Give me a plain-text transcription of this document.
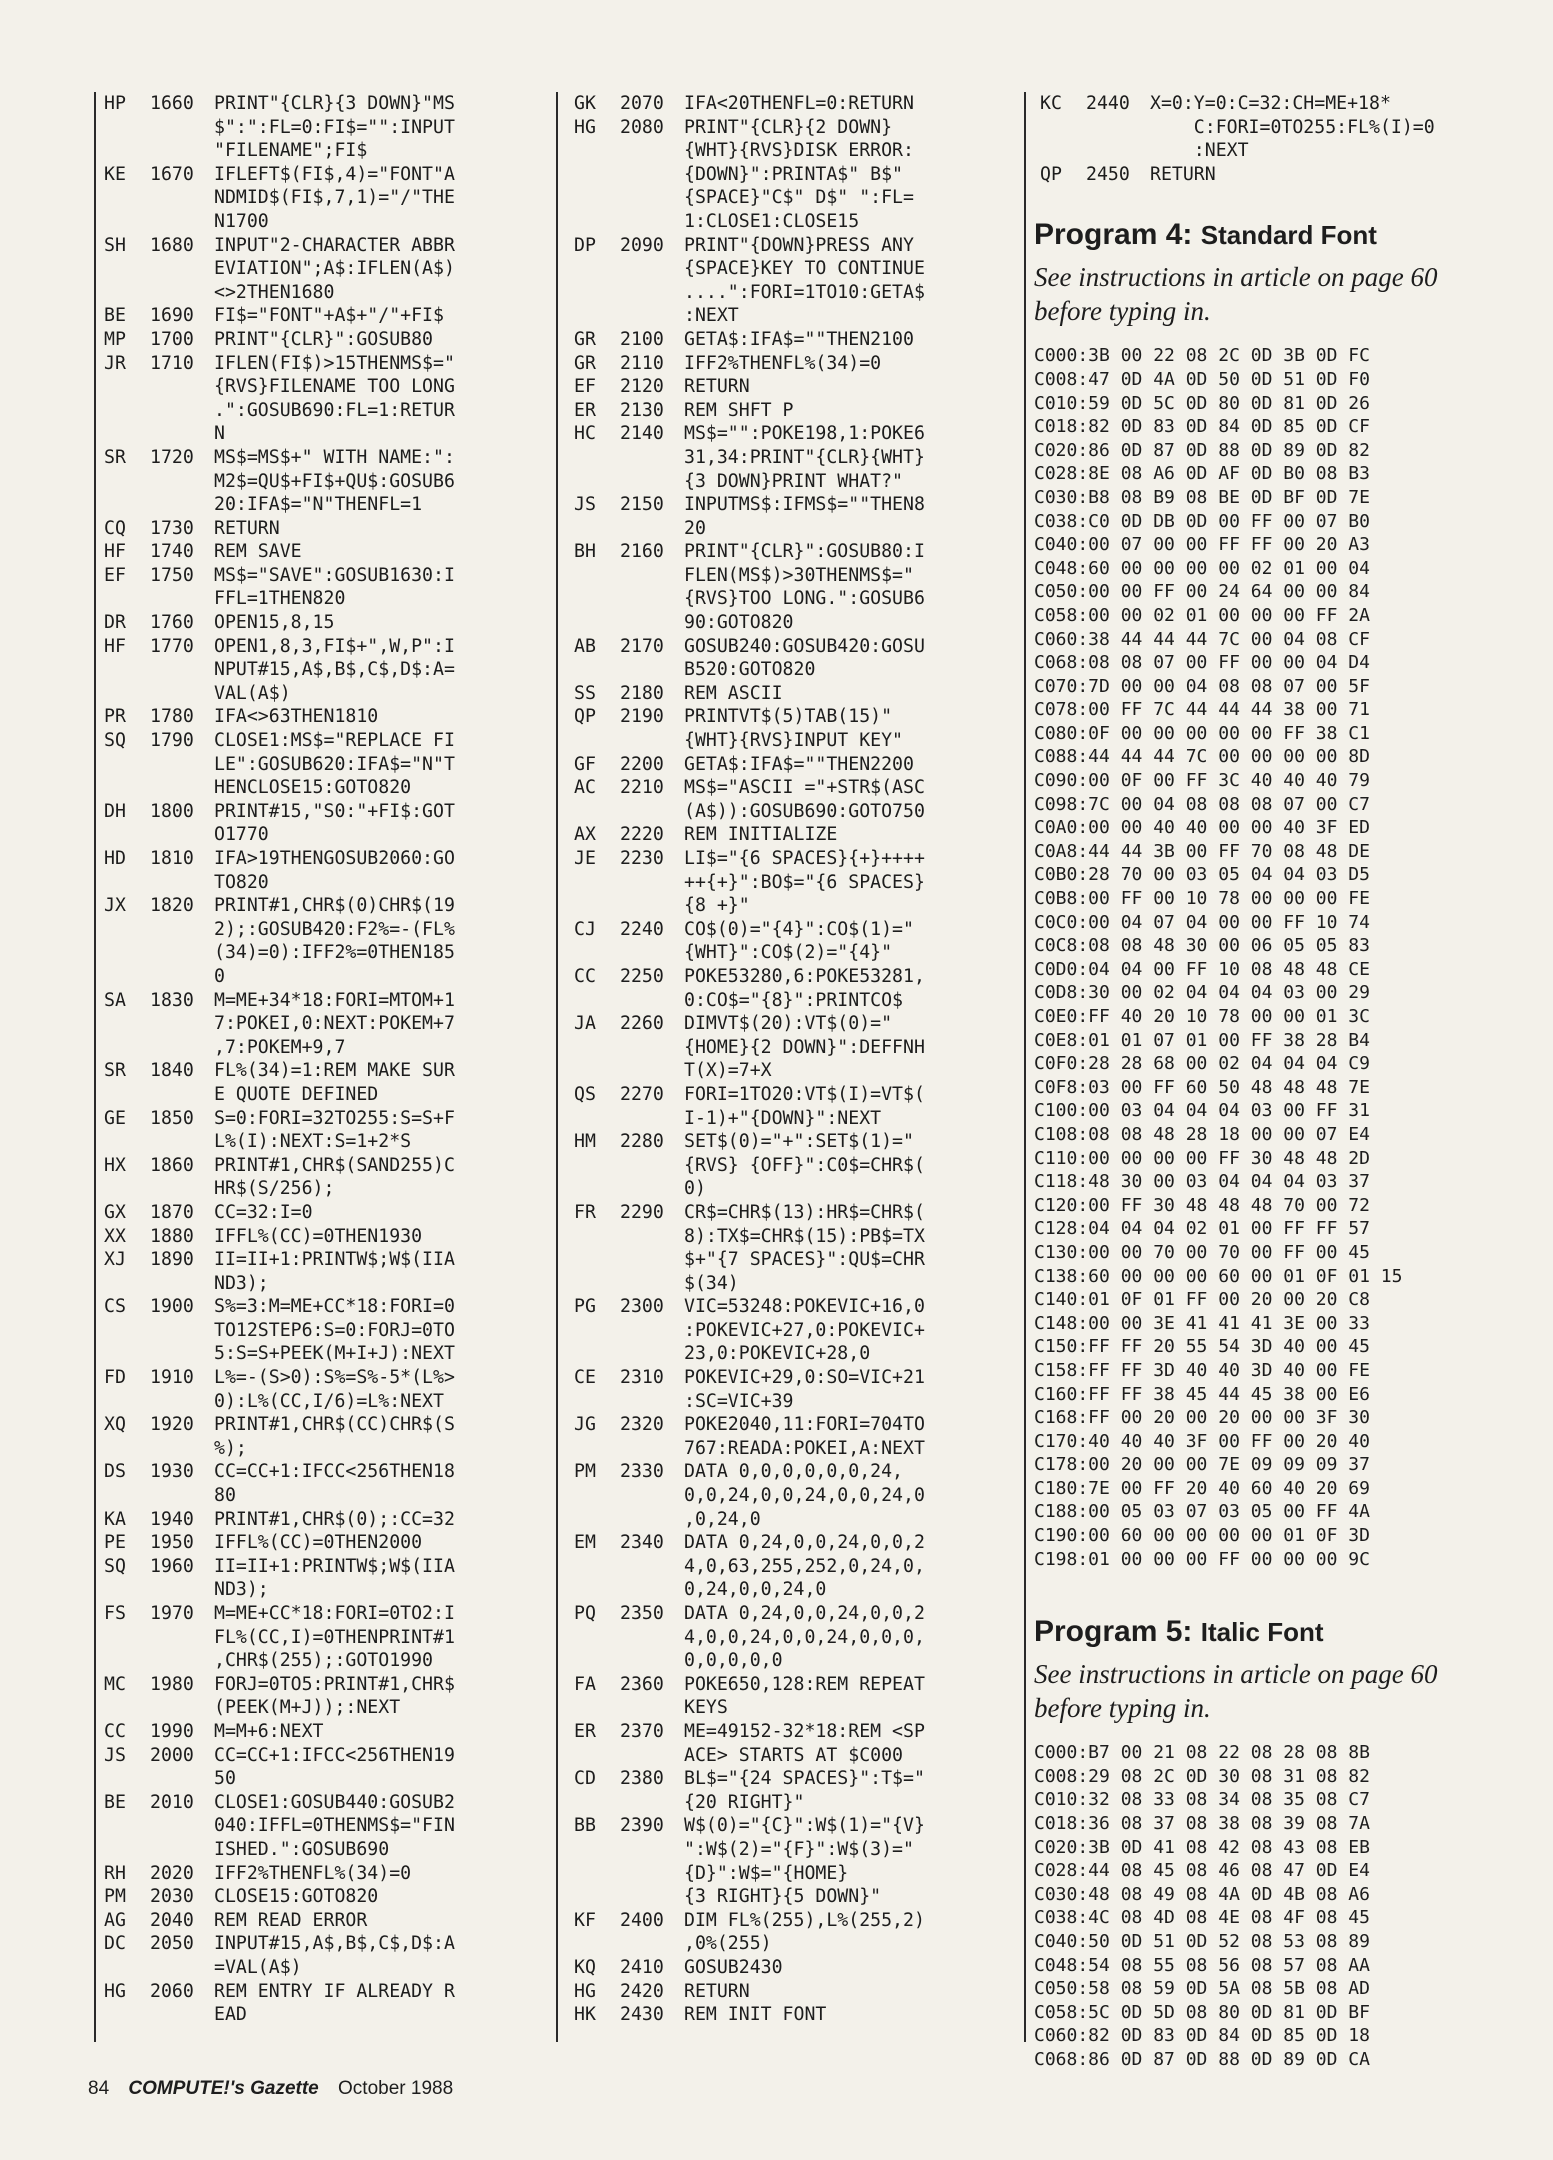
HP	1660	PRINT"{CLR}{3 DOWN}"MS
$":":FL=0:FI$="":INPUT
"FILENAME";FI$
KE	1670	IFLEFT$(FI$,4)="FONT"A
NDMID$(FI$,7,1)="/"THE
N1700
SH	1680	INPUT"2-CHARACTER ABBR
EVIATION";A$:IFLEN(A$)
<>2THEN1680
BE	1690	FI$="FONT"+A$+"/"+FI$
MP	1700	PRINT"{CLR}":GOSUB80
JR	1710	IFLEN(FI$)>15THENMS$="
{RVS}FILENAME TOO LONG
.":GOSUB690:FL=1:RETUR
N
SR	1720	MS$=MS$+" WITH NAME:":
M2$=QU$+FI$+QU$:GOSUB6
20:IFA$="N"THENFL=1
CQ	1730	RETURN
HF	1740	REM SAVE
EF	1750	MS$="SAVE":GOSUB1630:I
FFL=1THEN820
DR	1760	OPEN15,8,15
HF	1770	OPEN1,8,3,FI$+",W,P":I
NPUT#15,A$,B$,C$,D$:A=
VAL(A$)
PR	1780	IFA<>63THEN1810
SQ	1790	CLOSE1:MS$="REPLACE FI
LE":GOSUB620:IFA$="N"T
HENCLOSE15:GOTO820
DH	1800	PRINT#15,"S0:"+FI$:GOT
O1770
HD	1810	IFA>19THENGOSUB2060:GO
TO820
JX	1820	PRINT#1,CHR$(0)CHR$(19
2);:GOSUB420:F2%=-(FL%
(34)=0):IFF2%=0THEN185
0
SA	1830	M=ME+34*18:FORI=MTOM+1
7:POKEI,0:NEXT:POKEM+7
,7:POKEM+9,7
SR	1840	FL%(34)=1:REM MAKE SUR
E QUOTE DEFINED
GE	1850	S=0:FORI=32TO255:S=S+F
L%(I):NEXT:S=1+2*S
HX	1860	PRINT#1,CHR$(SAND255)C
HR$(S/256);
GX	1870	CC=32:I=0
XX	1880	IFFL%(CC)=0THEN1930
XJ	1890	II=II+1:PRINTW$;W$(IIA
ND3);
CS	1900	S%=3:M=ME+CC*18:FORI=0
TO12STEP6:S=0:FORJ=0TO
5:S=S+PEEK(M+I+J):NEXT
FD	1910	L%=-(S>0):S%=S%-5*(L%>
0):L%(CC,I/6)=L%:NEXT
XQ	1920	PRINT#1,CHR$(CC)CHR$(S
%);
DS	1930	CC=CC+1:IFCC<256THEN18
80
KA	1940	PRINT#1,CHR$(0);:CC=32
PE	1950	IFFL%(CC)=0THEN2000
SQ	1960	II=II+1:PRINTW$;W$(IIA
ND3);
FS	1970	M=ME+CC*18:FORI=0TO2:I
FL%(CC,I)=0THENPRINT#1
,CHR$(255);:GOTO1990
MC	1980	FORJ=0TO5:PRINT#1,CHR$
(PEEK(M+J));:NEXT
CC	1990	M=M+6:NEXT
JS	2000	CC=CC+1:IFCC<256THEN19
50
BE	2010	CLOSE1:GOSUB440:GOSUB2
040:IFFL=0THENMS$="FIN
ISHED.":GOSUB690
RH	2020	IFF2%THENFL%(34)=0
PM	2030	CLOSE15:GOTO820
AG	2040	REM READ ERROR
DC	2050	INPUT#15,A$,B$,C$,D$:A
=VAL(A$)
HG	2060	REM ENTRY IF ALREADY R
EAD
GK	2070	IFA<20THENFL=0:RETURN
HG	2080	PRINT"{CLR}{2 DOWN}
{WHT}{RVS}DISK ERROR:
{DOWN}":PRINTA$" B$"
{SPACE}"C$" D$" ":FL=
1:CLOSE1:CLOSE15
DP	2090	PRINT"{DOWN}PRESS ANY
{SPACE}KEY TO CONTINUE
....":FORI=1TO10:GETA$
:NEXT
GR	2100	GETA$:IFA$=""THEN2100
GR	2110	IFF2%THENFL%(34)=0
EF	2120	RETURN
ER	2130	REM SHFT P
HC	2140	MS$="":POKE198,1:POKE6
31,34:PRINT"{CLR}{WHT}
{3 DOWN}PRINT WHAT?"
JS	2150	INPUTMS$:IFMS$=""THEN8
20
BH	2160	PRINT"{CLR}":GOSUB80:I
FLEN(MS$)>30THENMS$="
{RVS}TOO LONG.":GOSUB6
90:GOTO820
AB	2170	GOSUB240:GOSUB420:GOSU
B520:GOTO820
SS	2180	REM ASCII
QP	2190	PRINTVT$(5)TAB(15)"
{WHT}{RVS}INPUT KEY"
GF	2200	GETA$:IFA$=""THEN2200
AC	2210	MS$="ASCII ="+STR$(ASC
(A$)):GOSUB690:GOTO750
AX	2220	REM INITIALIZE
JE	2230	LI$="{6 SPACES}{+}++++
++{+}":BO$="{6 SPACES}
{8 +}"
CJ	2240	CO$(0)="{4}":CO$(1)="
{WHT}":CO$(2)="{4}"
CC	2250	POKE53280,6:POKE53281,
0:CO$="{8}":PRINTCO$
JA	2260	DIMVT$(20):VT$(0)="
{HOME}{2 DOWN}":DEFFNH
T(X)=7+X
QS	2270	FORI=1TO20:VT$(I)=VT$(
I-1)+"{DOWN}":NEXT
HM	2280	SET$(0)="+":SET$(1)="
{RVS} {OFF}":C0$=CHR$(
0)
FR	2290	CR$=CHR$(13):HR$=CHR$(
8):TX$=CHR$(15):PB$=TX
$+"{7 SPACES}":QU$=CHR
$(34)
PG	2300	VIC=53248:POKEVIC+16,0
:POKEVIC+27,0:POKEVIC+
23,0:POKEVIC+28,0
CE	2310	POKEVIC+29,0:SO=VIC+21
:SC=VIC+39
JG	2320	POKE2040,11:FORI=704TO
767:READA:POKEI,A:NEXT
PM	2330	DATA 0,0,0,0,0,0,24,
0,0,24,0,0,24,0,0,24,0
,0,24,0
EM	2340	DATA 0,24,0,0,24,0,0,2
4,0,63,255,252,0,24,0,
0,24,0,0,24,0
PQ	2350	DATA 0,24,0,0,24,0,0,2
4,0,0,24,0,0,24,0,0,0,
0,0,0,0,0
FA	2360	POKE650,128:REM REPEAT
KEYS
ER	2370	ME=49152-32*18:REM <SP
ACE> STARTS AT $C000
CD	2380	BL$="{24 SPACES}":T$="
{20 RIGHT}"
BB	2390	W$(0)="{C}":W$(1)="{V}
":W$(2)="{F}":W$(3)="
{D}":W$="{HOME}
{3 RIGHT}{5 DOWN}"
KF	2400	DIM FL%(255),L%(255,2)
,0%(255)
KQ	2410	GOSUB2430
HG	2420	RETURN
HK	2430	REM INIT FONT
KC	2440	X=0:Y=0:C=32:CH=ME+18*
C:FORI=0TO255:FL%(I)=0
:NEXT
QP	2450	RETURN
Program 4: Standard Font
See instructions in article on page 60 before typing in.
C000:3B 00 22 08 2C 0D 3B 0D FC
C008:47 0D 4A 0D 50 0D 51 0D F0
C010:59 0D 5C 0D 80 0D 81 0D 26
C018:82 0D 83 0D 84 0D 85 0D CF
C020:86 0D 87 0D 88 0D 89 0D 82
C028:8E 08 A6 0D AF 0D B0 08 B3
C030:B8 08 B9 08 BE 0D BF 0D 7E
C038:C0 0D DB 0D 00 FF 00 07 B0
C040:00 07 00 00 FF FF 00 20 A3
C048:60 00 00 00 00 02 01 00 04
C050:00 00 FF 00 24 64 00 00 84
C058:00 00 02 01 00 00 00 FF 2A
C060:38 44 44 44 7C 00 04 08 CF
C068:08 08 07 00 FF 00 00 04 D4
C070:7D 00 00 04 08 08 07 00 5F
C078:00 FF 7C 44 44 44 38 00 71
C080:0F 00 00 00 00 00 FF 38 C1
C088:44 44 44 7C 00 00 00 00 8D
C090:00 0F 00 FF 3C 40 40 40 79
C098:7C 00 04 08 08 08 07 00 C7
C0A0:00 00 40 40 00 00 40 3F ED
C0A8:44 44 3B 00 FF 70 08 48 DE
C0B0:28 70 00 03 05 04 04 03 D5
C0B8:00 FF 00 10 78 00 00 00 FE
C0C0:00 04 07 04 00 00 FF 10 74
C0C8:08 08 48 30 00 06 05 05 83
C0D0:04 04 00 FF 10 08 48 48 CE
C0D8:30 00 02 04 04 04 03 00 29
C0E0:FF 40 20 10 78 00 00 01 3C
C0E8:01 01 07 01 00 FF 38 28 B4
C0F0:28 28 68 00 02 04 04 04 C9
C0F8:03 00 FF 60 50 48 48 48 7E
C100:00 03 04 04 04 03 00 FF 31
C108:08 08 48 28 18 00 00 07 E4
C110:00 00 00 00 FF 30 48 48 2D
C118:48 30 00 03 04 04 04 03 37
C120:00 FF 30 48 48 48 70 00 72
C128:04 04 04 02 01 00 FF FF 57
C130:00 00 70 00 70 00 FF 00 45
C138:60 00 00 00 60 00 01 0F 01 15
C140:01 0F 01 FF 00 20 00 20 C8
C148:00 00 3E 41 41 41 3E 00 33
C150:FF FF 20 55 54 3D 40 00 45
C158:FF FF 3D 40 40 3D 40 00 FE
C160:FF FF 38 45 44 45 38 00 E6
C168:FF 00 20 00 20 00 00 3F 30
C170:40 40 40 3F 00 FF 00 20 40
C178:00 20 00 00 7E 09 09 09 37
C180:7E 00 FF 20 40 60 40 20 69
C188:00 05 03 07 03 05 00 FF 4A
C190:00 60 00 00 00 00 01 0F 3D
C198:01 00 00 00 FF 00 00 00 9C
Program 5: Italic Font
See instructions in article on page 60 before typing in.
C000:B7 00 21 08 22 08 28 08 8B
C008:29 08 2C 0D 30 08 31 08 82
C010:32 08 33 08 34 08 35 08 C7
C018:36 08 37 08 38 08 39 08 7A
C020:3B 0D 41 08 42 08 43 08 EB
C028:44 08 45 08 46 08 47 0D E4
C030:48 08 49 08 4A 0D 4B 08 A6
C038:4C 08 4D 08 4E 08 4F 08 45
C040:50 0D 51 0D 52 08 53 08 89
C048:54 08 55 08 56 08 57 08 AA
C050:58 08 59 0D 5A 08 5B 08 AD
C058:5C 0D 5D 08 80 0D 81 0D BF
C060:82 0D 83 0D 84 0D 85 0D 18
C068:86 0D 87 0D 88 0D 89 0D CA
84 COMPUTE!'s Gazette October 1988
